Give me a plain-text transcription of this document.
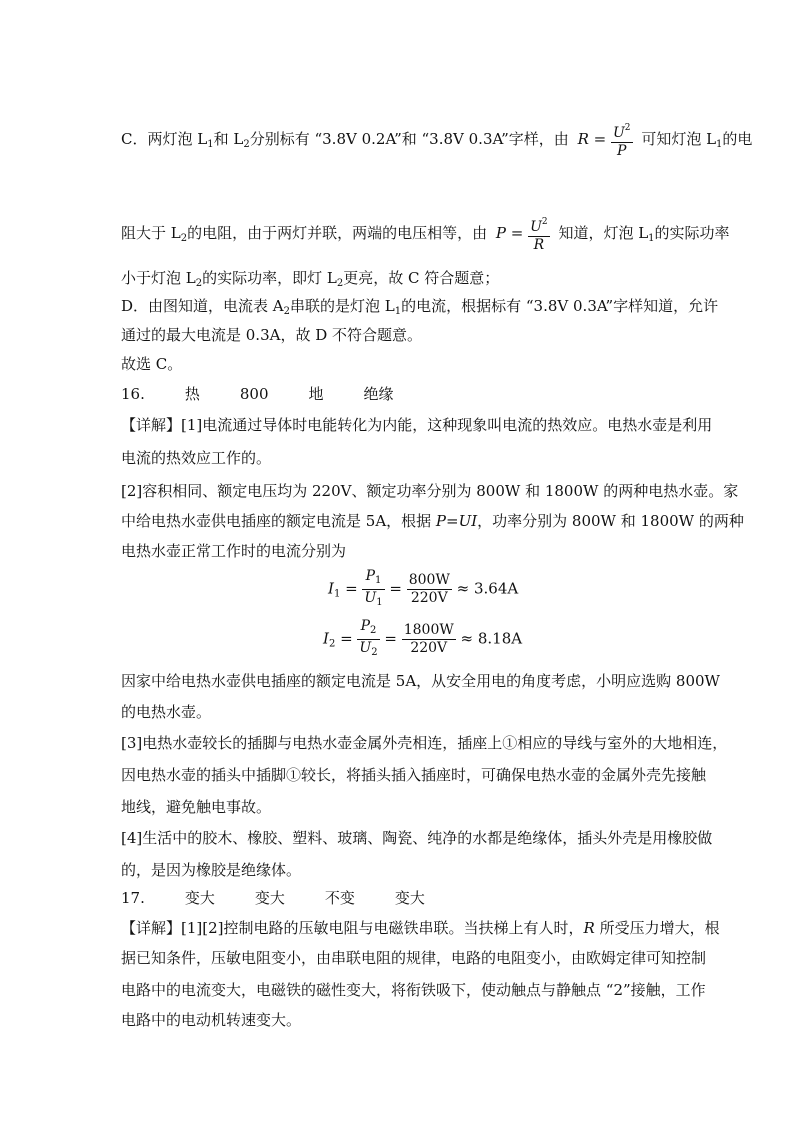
C．两灯泡 $L_1$和 $L_2$分别标有 “3.8V 0.2A”和 “3.8V 0.3A”字样，由 $R = \frac{U^2}{P}$ 可知灯泡 $L_1$的电
阻大于 $L_2$的电阻，由于两灯并联，两端的电压相等，由 $P = \frac{U^2}{R}$ 知道，灯泡 $L_1$的实际功率
小于灯泡 $L_2$的实际功率，即灯 $L_2$更亮，故 C 符合题意；
D．由图知道，电流表 $A_2$串联的是灯泡 $L_1$的电流，根据标有 “3.8V 0.3A”字样知道，允许
通过的最大电流是 0.3A，故 D 不符合题意。
故选 C。
16.	热	800	地	绝缘
【详解】[1]电流通过导体时电能转化为内能，这种现象叫电流的热效应。电热水壶是利用
电流的热效应工作的。
[2]容积相同、额定电压均为 220V、额定功率分别为 800W 和 1800W 的两种电热水壶。家
中给电热水壶供电插座的额定电流是 5A，根据 P=UI，功率分别为 800W 和 1800W 的两种
电热水壶正常工作时的电流分别为
$I_1 = \frac{P_1}{U_1} = \frac{800W}{220V} \approx 3.64A$
$I_2 = \frac{P_2}{U_2} = \frac{1800W}{220V} \approx 8.18A$
因家中给电热水壶供电插座的额定电流是 5A，从安全用电的角度考虑，小明应选购 800W
的电热水壶。
[3]电热水壶较长的插脚与电热水壶金属外壳相连，插座上①相应的导线与室外的大地相连，
因电热水壶的插头中插脚①较长，将插头插入插座时，可确保电热水壶的金属外壳先接触
地线，避免触电事故。
[4]生活中的胶木、橡胶、塑料、玻璃、陶瓷、纯净的水都是绝缘体，插头外壳是用橡胶做
的，是因为橡胶是绝缘体。
17.	变大	变大	不变	变大
【详解】[1][2]控制电路的压敏电阻与电磁铁串联。当扶梯上有人时，R 所受压力增大，根
据已知条件，压敏电阻变小，由串联电阻的规律，电路的电阻变小，由欧姆定律可知控制
电路中的电流变大，电磁铁的磁性变大，将衔铁吸下，使动触点与静触点 “2”接触，工作
电路中的电动机转速变大。
